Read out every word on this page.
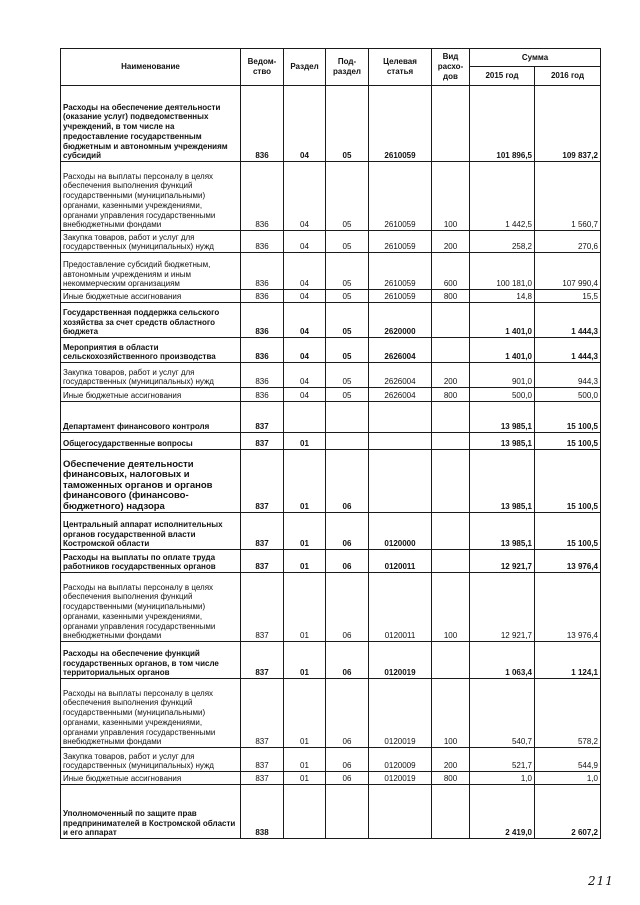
Наименование	Ведом-ство	Раздел	Под-раздел	Целевая статья	Вид расхо-дов	Сумма	
						2015 год	2016 год
Расходы на обеспечение деятельности (оказание услуг) подведомственных учреждений, в том числе на предоставление государственным бюджетным и автономным учреждениям субсидий	836	04	05	2610059		101 896,5	109 837,2
Расходы на выплаты персоналу в целях обеспечения выполнения функций государственными (муниципальными) органами, казенными учреждениями, органами управления государственными внебюджетными фондами	836	04	05	2610059	100	1 442,5	1 560,7
Закупка товаров, работ и услуг для государственных (муниципальных) нужд	836	04	05	2610059	200	258,2	270,6
Предоставление субсидий бюджетным, автономным учреждениям и иным некоммерческим организациям	836	04	05	2610059	600	100 181,0	107 990,4
Иные бюджетные ассигнования	836	04	05	2610059	800	14,8	15,5
Государственная поддержка сельского хозяйства за счет средств областного бюджета	836	04	05	2620000		1 401,0	1 444,3
Мероприятия в области сельскохозяйственного производства	836	04	05	2626004		1 401,0	1 444,3
Закупка товаров, работ и услуг для государственных (муниципальных) нужд	836	04	05	2626004	200	901,0	944,3
Иные бюджетные ассигнования	836	04	05	2626004	800	500,0	500,0
Департамент финансового контроля	837					13 985,1	15 100,5
Общегосударственные вопросы	837	01				13 985,1	15 100,5
Обеспечение деятельности финансовых, налоговых и таможенных органов и органов финансового (финансово-бюджетного) надзора	837	01	06			13 985,1	15 100,5
Центральный аппарат исполнительных органов государственной власти Костромской области	837	01	06	0120000		13 985,1	15 100,5
Расходы на выплаты по оплате труда работников государственных органов	837	01	06	0120011		12 921,7	13 976,4
Расходы на выплаты персоналу в целях обеспечения выполнения функций государственными (муниципальными) органами, казенными учреждениями, органами управления государственными внебюджетными фондами	837	01	06	0120011	100	12 921,7	13 976,4
Расходы на обеспечение функций государственных органов, в том числе территориальных органов	837	01	06	0120019		1 063,4	1 124,1
Расходы на выплаты персоналу в целях обеспечения выполнения функций государственными (муниципальными) органами, казенными учреждениями, органами управления государственными внебюджетными фондами	837	01	06	0120019	100	540,7	578,2
Закупка товаров, работ и услуг для государственных (муниципальных) нужд	837	01	06	0120009	200	521,7	544,9
Иные бюджетные ассигнования	837	01	06	0120019	800	1,0	1,0
Уполномоченный по защите прав предпринимателей в Костромской области и его аппарат	838					2 419,0	2 607,2
211
